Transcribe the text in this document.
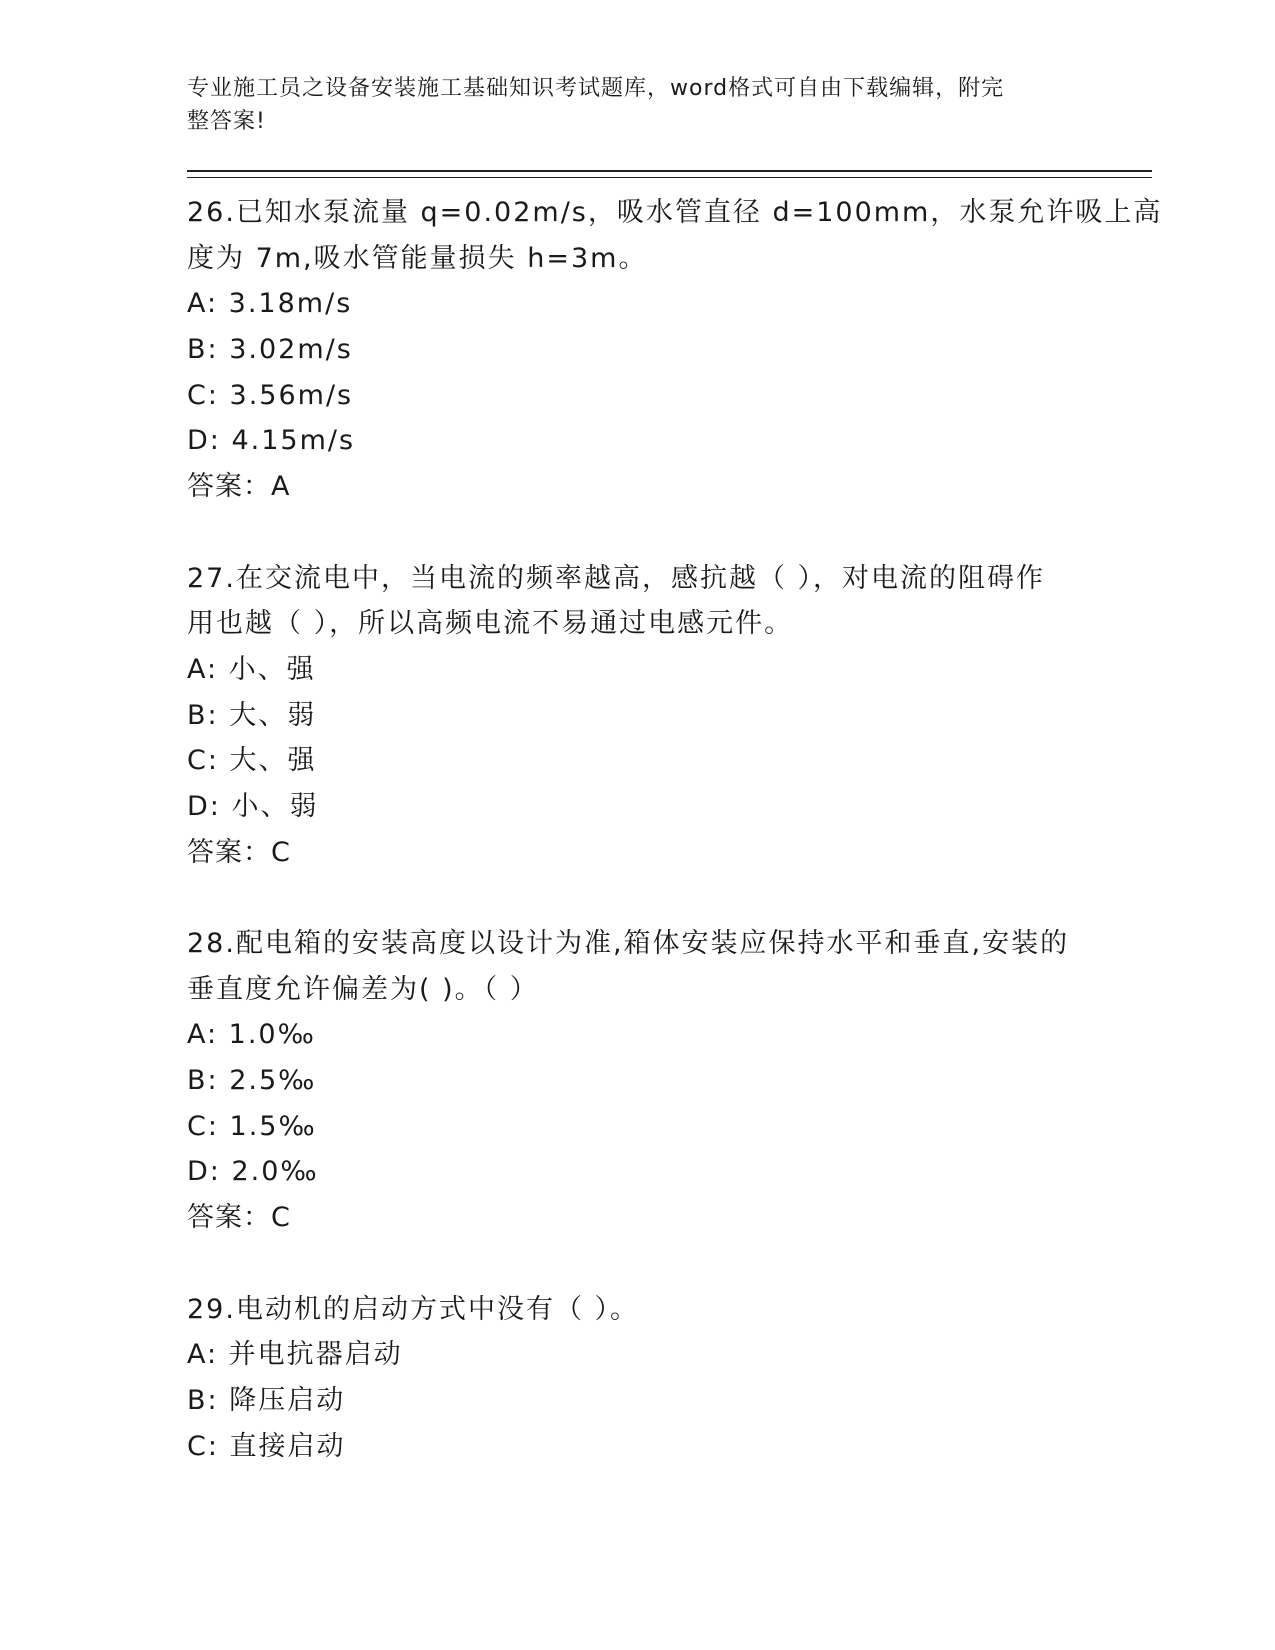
专业施工员之设备安装施工基础知识考试题库，word格式可自由下载编辑，附完
整答案!
26.已知水泵流量 q=0.02m/s，吸水管直径 d=100mm，水泵允许吸上高
度为 7m,吸水管能量损失 h=3m。
A: 3.18m/s
B: 3.02m/s
C: 3.56m/s
D: 4.15m/s
答案：A
27.在交流电中，当电流的频率越高，感抗越（ ），对电流的阻碍作
用也越（ ），所以高频电流不易通过电感元件。
A: 小、强
B: 大、弱
C: 大、强
D: 小、弱
答案：C
28.配电箱的安装高度以设计为准,箱体安装应保持水平和垂直,安装的
垂直度允许偏差为( )。（ ）
A: 1.0‰
B: 2.5‰
C: 1.5‰
D: 2.0‰
答案：C
29.电动机的启动方式中没有（ ）。
A: 并电抗器启动
B: 降压启动
C: 直接启动
